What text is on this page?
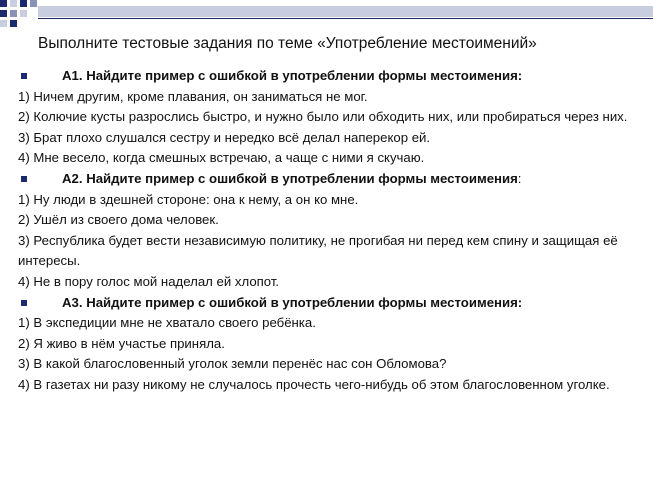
Выполните тестовые задания по теме «Употребление местоимений»
А1. Найдите пример с ошибкой в употреблении формы местоимения:
1) Ничем другим, кроме плавания, он заниматься не мог.
2) Колючие кусты разрослись быстро, и нужно было или обходить них, или пробираться через них.
3) Брат плохо слушался сестру и нередко всё делал наперекор ей.
4) Мне весело, когда смешных встречаю, а чаще с ними я скучаю.
А2. Найдите пример с ошибкой в употреблении формы местоимения:
1) Ну люди в здешней стороне: она к нему, а он ко мне.
2) Ушёл из своего дома человек.
3) Республика будет вести независимую политику, не прогибая ни перед кем спину и защищая её интересы.
4) Не в пору голос мой наделал ей хлопот.
А3. Найдите пример с ошибкой в употреблении формы местоимения:
1) В экспедиции мне не хватало своего ребёнка.
2) Я живо в нём участье приняла.
3) В какой благословенный уголок земли перенёс нас сон Обломова?
4) В газетах ни разу никому не случалось прочесть чего-нибудь об этом благословенном уголке.
